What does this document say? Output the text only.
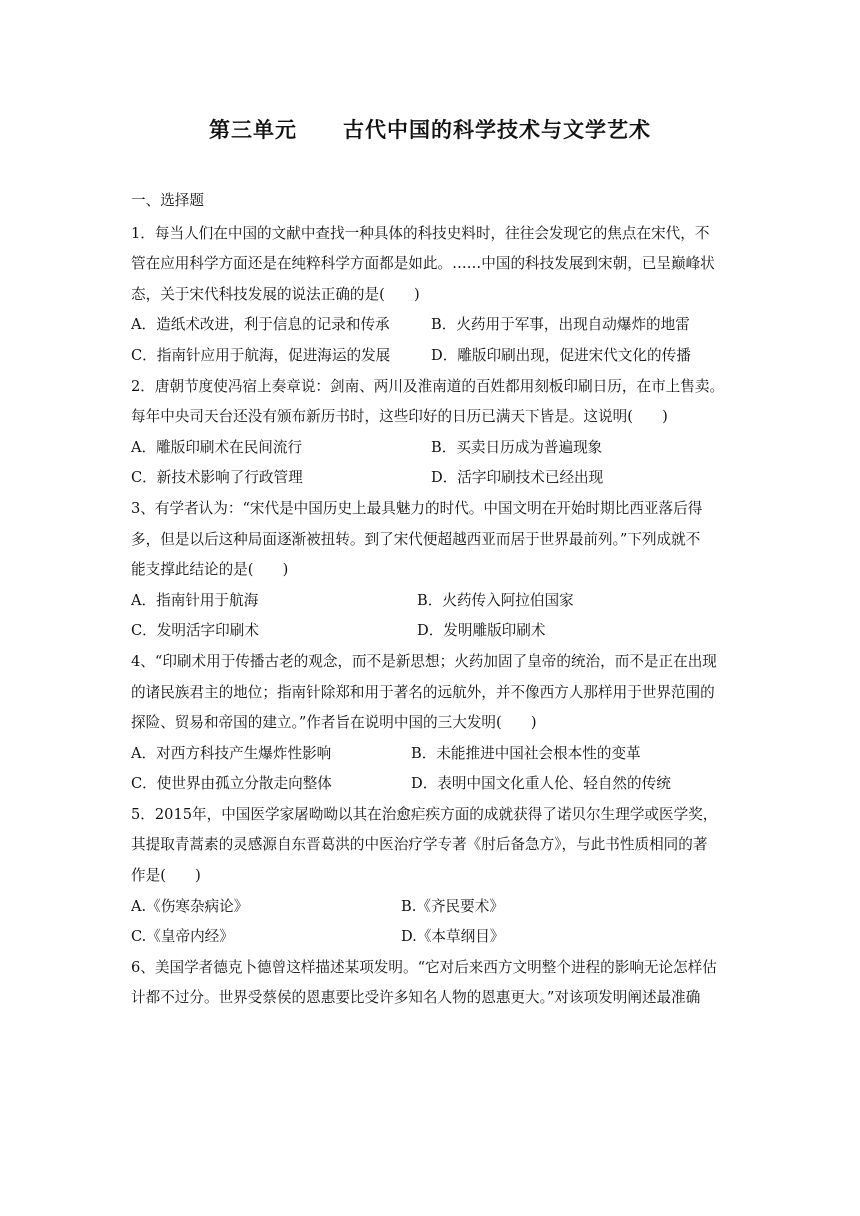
第三单元 古代中国的科学技术与文学艺术
一、选择题
1．每当人们在中国的文献中查找一种具体的科技史料时，往往会发现它的焦点在宋代，不
管在应用科学方面还是在纯粹科学方面都是如此。……中国的科技发展到宋朝，已呈巅峰状
态，关于宋代科技发展的说法正确的是(　　)
A．造纸术改进，利于信息的记录和传承	B．火药用于军事，出现自动爆炸的地雷
C．指南针应用于航海，促进海运的发展	D．雕版印刷出现，促进宋代文化的传播
2．唐朝节度使冯宿上奏章说：剑南、两川及淮南道的百姓都用刻板印刷日历，在市上售卖。
每年中央司天台还没有颁布新历书时，这些印好的日历已满天下皆是。这说明(　　)
A．雕版印刷术在民间流行	B．买卖日历成为普遍现象
C．新技术影响了行政管理	D．活字印刷技术已经出现
3、有学者认为：“宋代是中国历史上最具魅力的时代。中国文明在开始时期比西亚落后得
多，但是以后这种局面逐渐被扭转。到了宋代便超越西亚而居于世界最前列。”下列成就不
能支撑此结论的是(　　)
A．指南针用于航海	B．火药传入阿拉伯国家
C．发明活字印刷术	D．发明雕版印刷术
4、“印刷术用于传播古老的观念，而不是新思想；火药加固了皇帝的统治，而不是正在出现
的诸民族君主的地位；指南针除郑和用于著名的远航外，并不像西方人那样用于世界范围的
探险、贸易和帝国的建立。”作者旨在说明中国的三大发明(　　)
A．对西方科技产生爆炸性影响	B．未能推进中国社会根本性的变革
C．使世界由孤立分散走向整体	D．表明中国文化重人伦、轻自然的传统
5．2015年，中国医学家屠呦呦以其在治愈疟疾方面的成就获得了诺贝尔生理学或医学奖，
其提取青蒿素的灵感源自东晋葛洪的中医治疗学专著《肘后备急方》，与此书性质相同的著
作是(　　)
A.《伤寒杂病论》	B.《齐民要术》
C.《皇帝内经》	D.《本草纲目》
6、美国学者德克卜德曾这样描述某项发明。“它对后来西方文明整个进程的影响无论怎样估
计都不过分。世界受蔡侯的恩惠要比受许多知名人物的恩惠更大。”对该项发明阐述最准确
